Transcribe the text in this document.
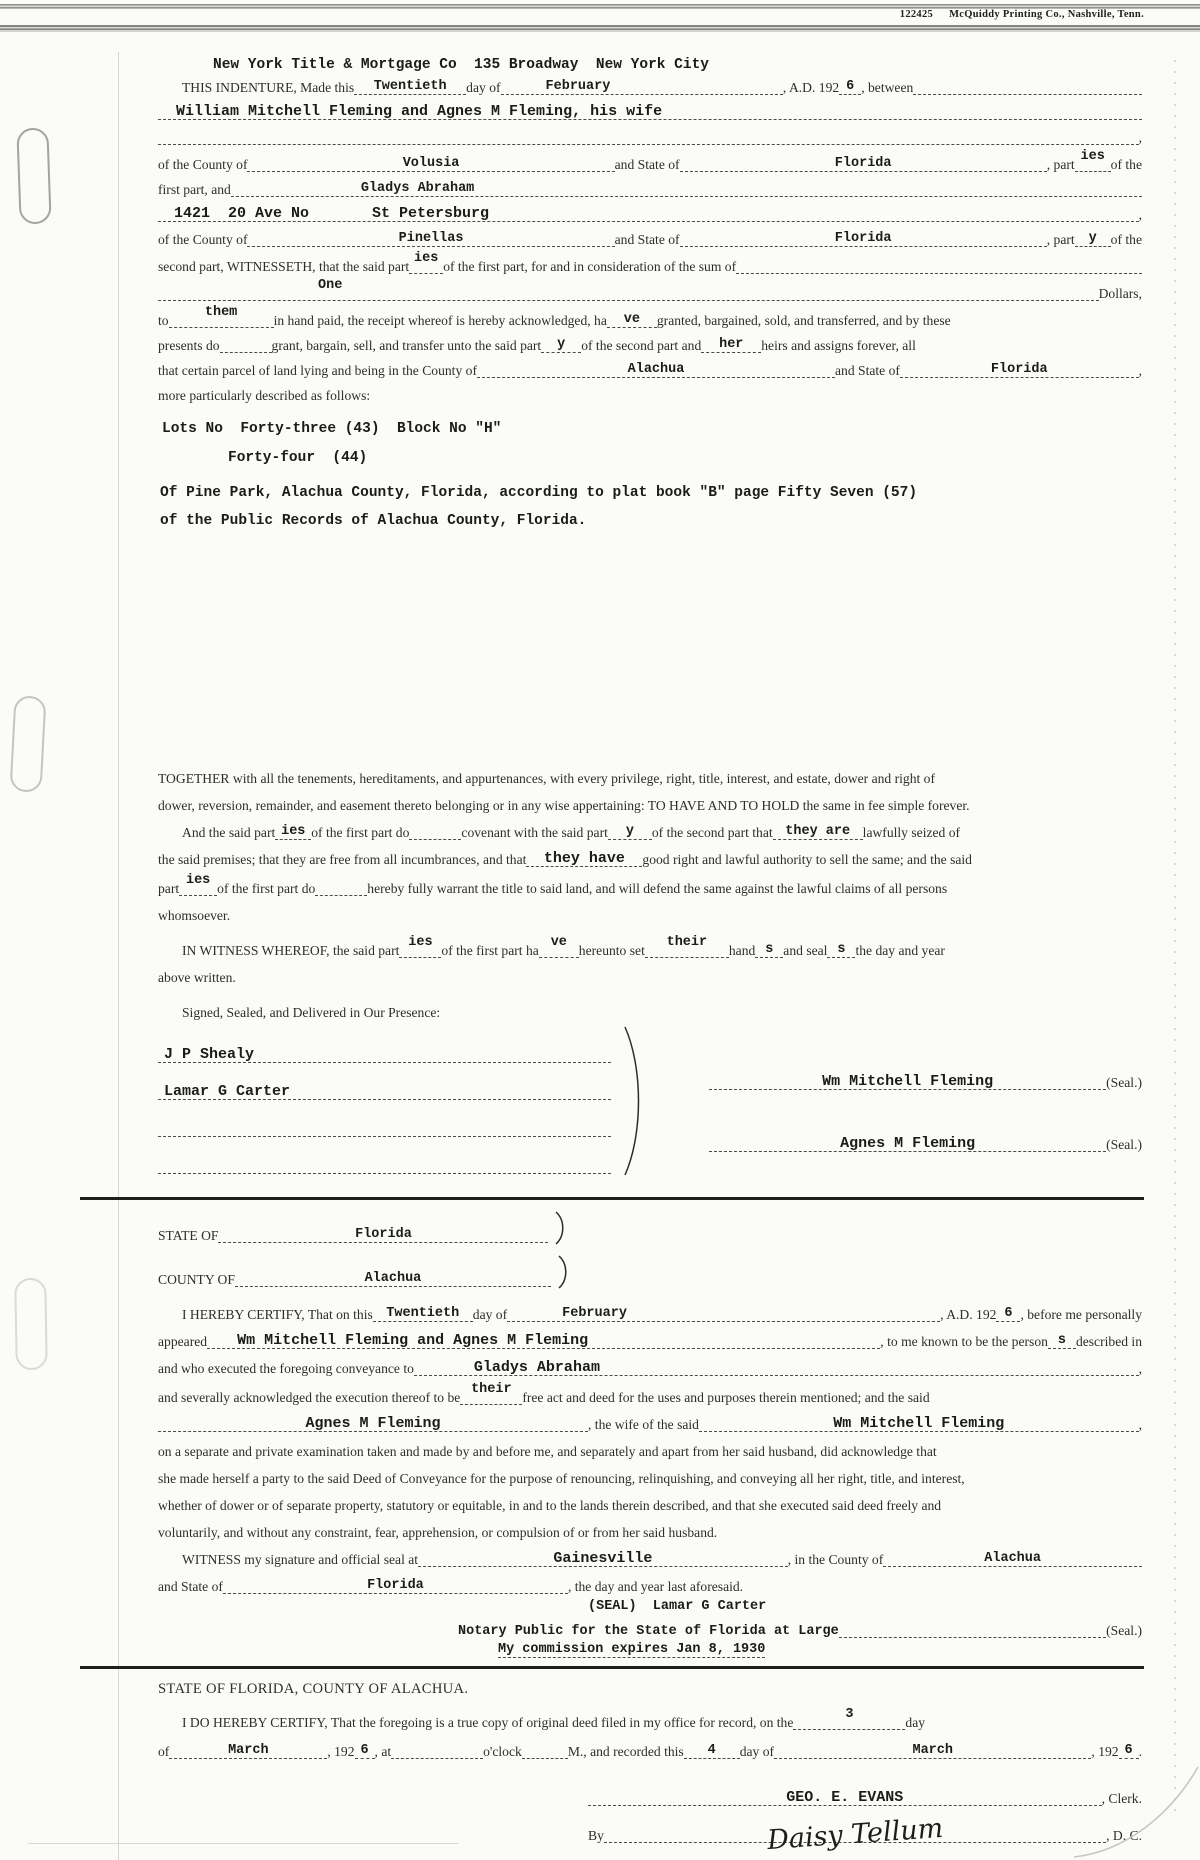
122425 McQuiddy Printing Co., Nashville, Tenn.
New York Title & Mortgage Co  135 Broadway  New York City
THIS INDENTURE, Made this Twentieth day of	February	, A.D. 192 6 , between
William Mitchell Fleming and Agnes M Fleming, his wife
,
of the County of	Volusia	and State of	Florida	, part
ies
of the
first part, and	Gladys Abraham
1421  20 Ave No       St Petersburg	,
of the County of	Pinellas	and State of	Florida	, part y of the
second part, WITNESSETH, that the said part
ies
of the first part, for and in consideration of the sum of
One
Dollars,
to
them
in hand paid, the receipt whereof is hereby acknowledged, ha ve granted, bargained, sold, and transferred, and by these
presents do	grant, bargain, sell, and transfer unto the said part y of the second part and her heirs and assigns forever, all
that certain parcel of land lying and being in the County of	Alachua	and State of	Florida	,
more particularly described as follows:
Lots No  Forty-three (43)  Block No "H"
Forty-four  (44)
Of Pine Park, Alachua County, Florida, according to plat book "B" page Fifty Seven (57)
of the Public Records of Alachua County, Florida.
TOGETHER with all the tenements, hereditaments, and appurtenances, with every privilege, right, title, interest, and estate, dower and right of
dower, reversion, remainder, and easement thereto belonging or in any wise appertaining: TO HAVE AND TO HOLD the same in fee simple forever.
And the said part ies of the first part do	covenant with the said part y of the second part that they are lawfully seized of
the said premises; that they are free from all incumbrances, and that they have good right and lawful authority to sell the same; and the said
part
ies
of the first part do	hereby fully warrant the title to said land, and will defend the same against the lawful claims of all persons
whomsoever.
IN WITNESS WHEREOF, the said part
ies
of the first part ha
ve
hereunto set
their
hand s and seal s the day and year
above written.
Signed, Sealed, and Delivered in Our Presence:
J P Shealy
Lamar G Carter
Wm Mitchell Fleming	(Seal.)
Agnes M Fleming	(Seal.)
STATE OF	Florida
COUNTY OF	Alachua
I HEREBY CERTIFY, That on this Twentieth day of	February	, A.D. 192 6 , before me personally
appeared Wm Mitchell Fleming and Agnes M Fleming	, to me known to be the person s described in
and who executed the foregoing conveyance to	Gladys Abraham	,
and severally acknowledged the execution thereof to be
their
free act and deed for the uses and purposes therein mentioned; and the said
Agnes M Fleming	, the wife of the said	Wm Mitchell Fleming	,
on a separate and private examination taken and made by and before me, and separately and apart from her said husband, did acknowledge that
she made herself a party to the said Deed of Conveyance for the purpose of renouncing, relinquishing, and conveying all her right, title, and interest,
whether of dower or of separate property, statutory or equitable, in and to the lands therein described, and that she executed said deed freely and
voluntarily, and without any constraint, fear, apprehension, or compulsion of or from her said husband.
WITNESS my signature and official seal at	Gainesville	, in the County of	Alachua
and State of	Florida	, the day and year last aforesaid.
(SEAL)  Lamar G Carter
Notary Public for the State of Florida at Large	(Seal.)
My commission expires Jan 8, 1930
STATE OF FLORIDA, COUNTY OF ALACHUA.
I DO HEREBY CERTIFY, That the foregoing is a true copy of original deed filed in my office for record, on the
3
day
of	March	, 192 6 , at	o'clock	M., and recorded this 4 day of	March	, 192 6 .
GEO. E. EVANS	, Clerk.
By	Daisy Tellum	, D. C.
